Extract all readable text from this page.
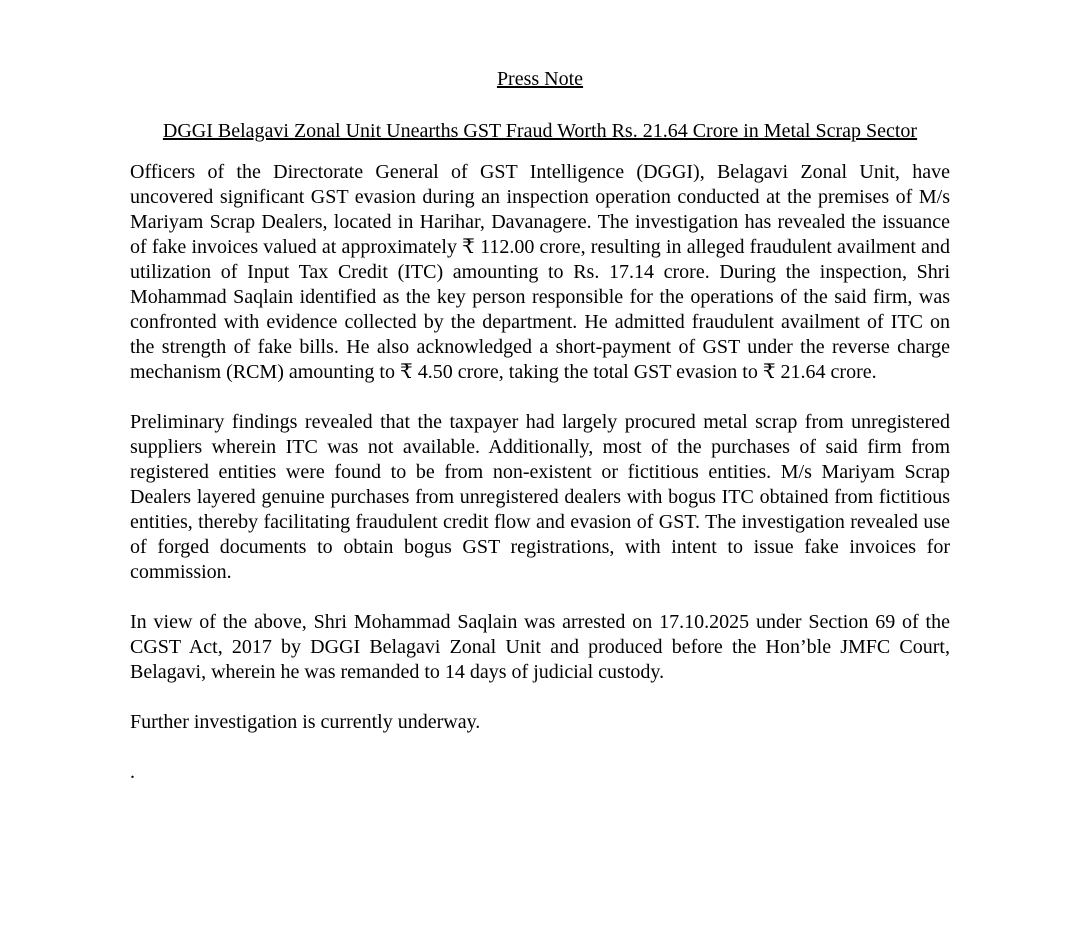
Press Note
DGGI Belagavi Zonal Unit Unearths GST Fraud Worth Rs. 21.64 Crore in Metal Scrap Sector

Officers of the Directorate General of GST Intelligence (DGGI), Belagavi Zonal Unit, have uncovered significant GST evasion during an inspection operation conducted at the premises of M/s Mariyam Scrap Dealers, located in Harihar, Davanagere. The investigation has revealed the issuance of fake invoices valued at approximately ₹ 112.00 crore, resulting in alleged fraudulent availment and utilization of Input Tax Credit (ITC) amounting to Rs. 17.14 crore. During the inspection, Shri Mohammad Saqlain identified as the key person responsible for the operations of the said firm, was confronted with evidence collected by the department. He admitted fraudulent availment of ITC on the strength of fake bills. He also acknowledged a short-payment of GST under the reverse charge mechanism (RCM) amounting to ₹ 4.50 crore, taking the total GST evasion to ₹ 21.64 crore.

Preliminary findings revealed that the taxpayer had largely procured metal scrap from unregistered suppliers wherein ITC was not available. Additionally, most of the purchases of said firm from registered entities were found to be from non-existent or fictitious entities. M/s Mariyam Scrap Dealers layered genuine purchases from unregistered dealers with bogus ITC obtained from fictitious entities, thereby facilitating fraudulent credit flow and evasion of GST. The investigation revealed use of forged documents to obtain bogus GST registrations, with intent to issue fake invoices for commission.

In view of the above, Shri Mohammad Saqlain was arrested on 17.10.2025 under Section 69 of the CGST Act, 2017 by DGGI Belagavi Zonal Unit and produced before the Hon’ble JMFC Court, Belagavi, wherein he was remanded to 14 days of judicial custody.

Further investigation is currently underway.

.
